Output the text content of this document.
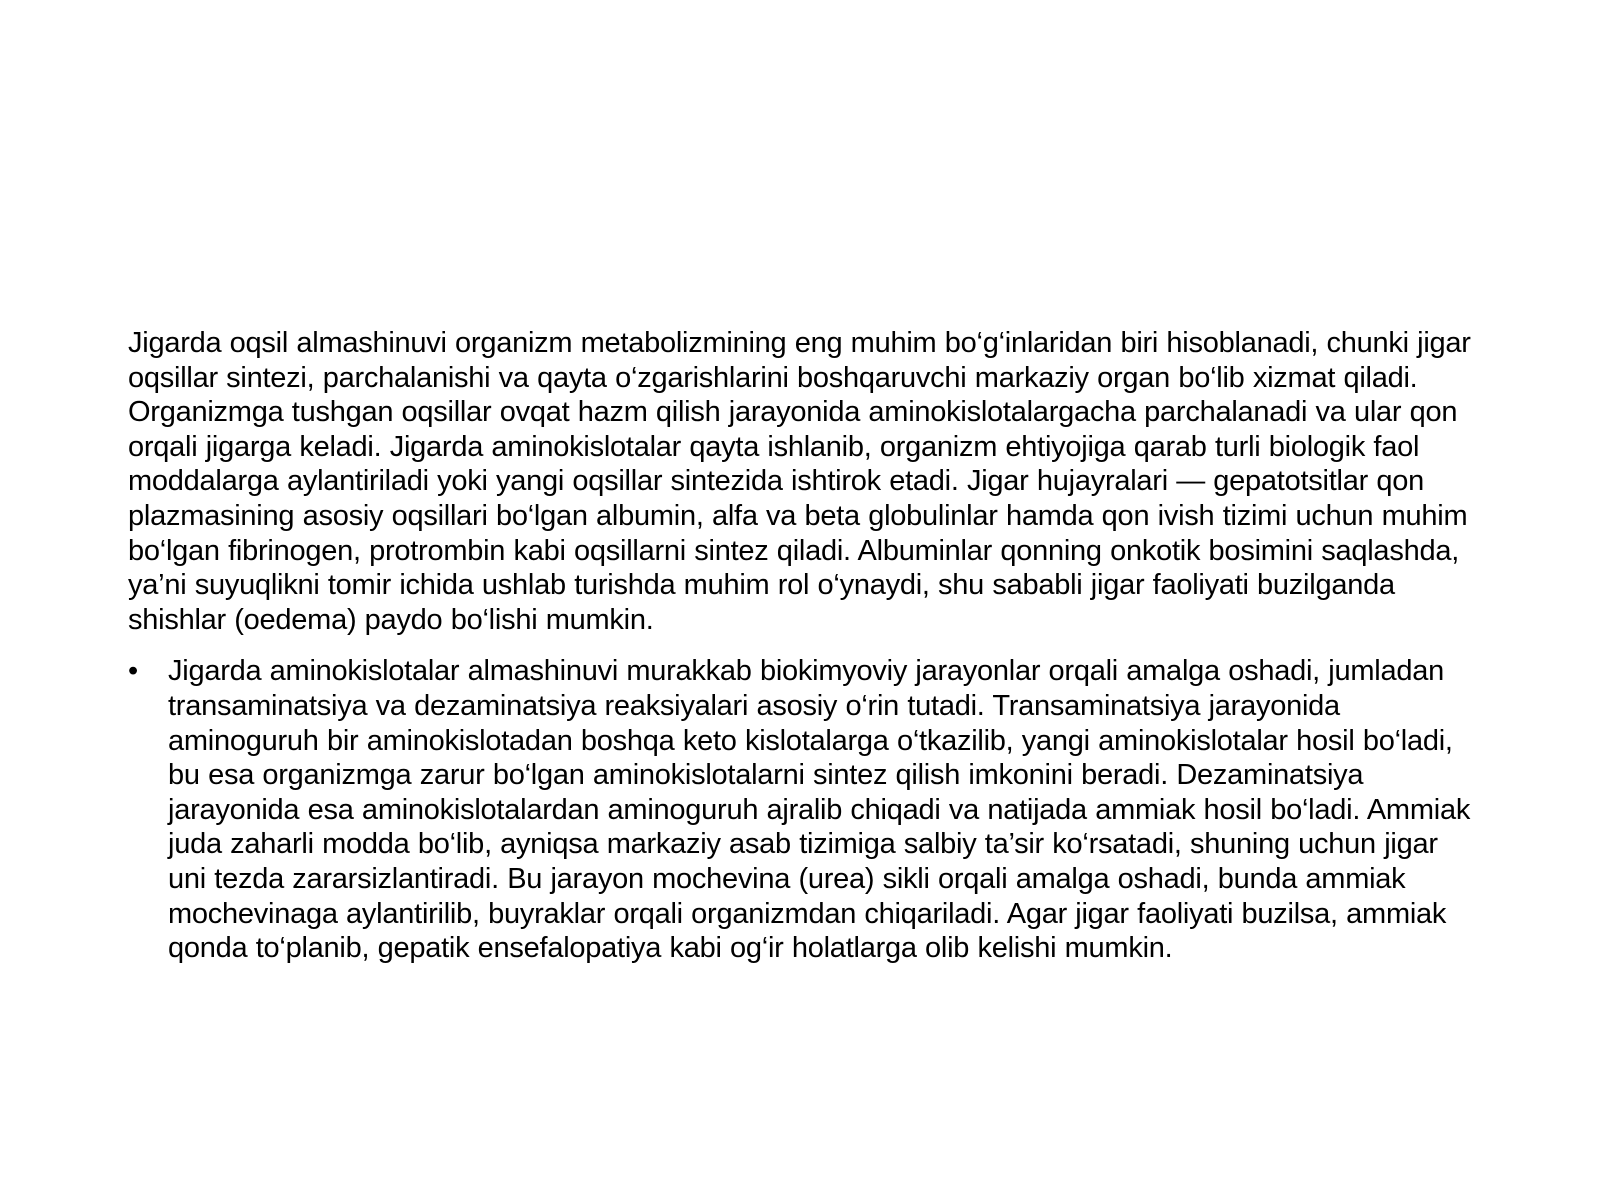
Jigarda oqsil almashinuvi organizm metabolizmining eng muhim bo‘g‘inlaridan biri hisoblanadi, chunki jigar oqsillar sintezi, parchalanishi va qayta o‘zgarishlarini boshqaruvchi markaziy organ bo‘lib xizmat qiladi. Organizmga tushgan oqsillar ovqat hazm qilish jarayonida aminokislotalargacha parchalanadi va ular qon orqali jigarga keladi. Jigarda aminokislotalar qayta ishlanib, organizm ehtiyojiga qarab turli biologik faol moddalarga aylantiriladi yoki yangi oqsillar sintezida ishtirok etadi. Jigar hujayralari — gepatotsitlar qon plazmasining asosiy oqsillari bo‘lgan albumin, alfa va beta globulinlar hamda qon ivish tizimi uchun muhim bo‘lgan fibrinogen, protrombin kabi oqsillarni sintez qiladi. Albuminlar qonning onkotik bosimini saqlashda, ya’ni suyuqlikni tomir ichida ushlab turishda muhim rol o‘ynaydi, shu sababli jigar faoliyati buzilganda shishlar (oedema) paydo bo‘lishi mumkin.

• Jigarda aminokislotalar almashinuvi murakkab biokimyoviy jarayonlar orqali amalga oshadi, jumladan transaminatsiya va dezaminatsiya reaksiyalari asosiy o‘rin tutadi. Transaminatsiya jarayonida aminoguruh bir aminokislotadan boshqa keto kislotalarga o‘tkazilib, yangi aminokislotalar hosil bo‘ladi, bu esa organizmga zarur bo‘lgan aminokislotalarni sintez qilish imkonini beradi. Dezaminatsiya jarayonida esa aminokislotalardan aminoguruh ajralib chiqadi va natijada ammiak hosil bo‘ladi. Ammiak juda zaharli modda bo‘lib, ayniqsa markaziy asab tizimiga salbiy ta’sir ko‘rsatadi, shuning uchun jigar uni tezda zararsizlantiradi. Bu jarayon mochevina (urea) sikli orqali amalga oshadi, bunda ammiak mochevinaga aylantirilib, buyraklar orqali organizmdan chiqariladi. Agar jigar faoliyati buzilsa, ammiak qonda to‘planib, gepatik ensefalopatiya kabi og‘ir holatlarga olib kelishi mumkin.
